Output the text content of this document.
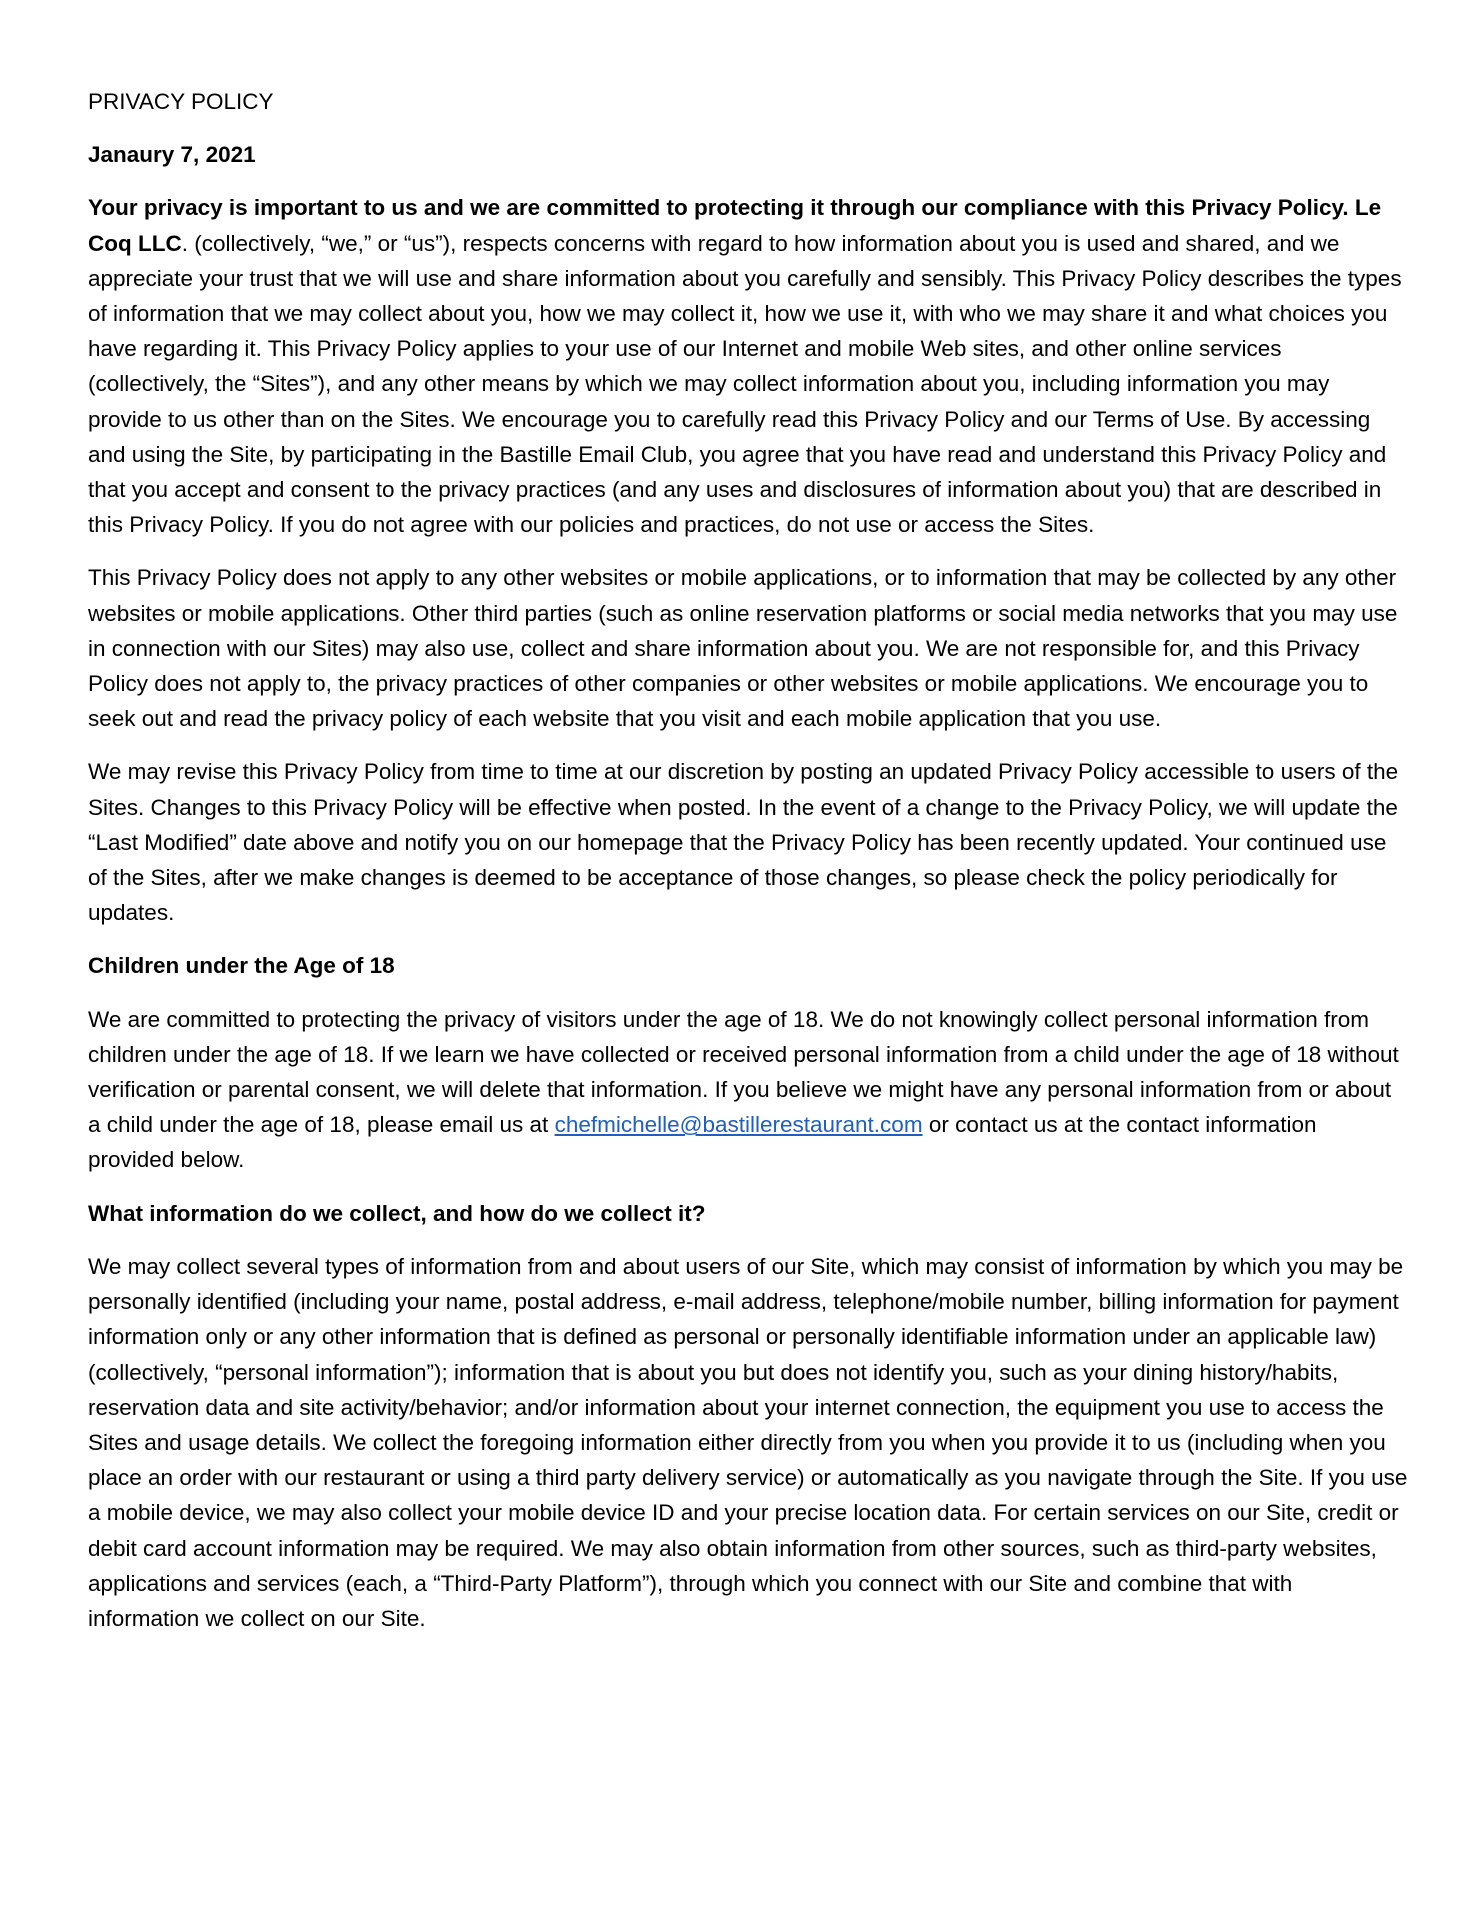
PRIVACY POLICY

Janaury 7, 2021

Your privacy is important to us and we are committed to protecting it through our compliance with this Privacy Policy. Le Coq LLC. (collectively, “we,” or “us”), respects concerns with regard to how information about you is used and shared, and we appreciate your trust that we will use and share information about you carefully and sensibly. This Privacy Policy describes the types of information that we may collect about you, how we may collect it, how we use it, with who we may share it and what choices you have regarding it. This Privacy Policy applies to your use of our Internet and mobile Web sites, and other online services (collectively, the “Sites”), and any other means by which we may collect information about you, including information you may provide to us other than on the Sites. We encourage you to carefully read this Privacy Policy and our Terms of Use. By accessing and using the Site, by participating in the Bastille Email Club, you agree that you have read and understand this Privacy Policy and that you accept and consent to the privacy practices (and any uses and disclosures of information about you) that are described in this Privacy Policy. If you do not agree with our policies and practices, do not use or access the Sites.

This Privacy Policy does not apply to any other websites or mobile applications, or to information that may be collected by any other websites or mobile applications. Other third parties (such as online reservation platforms or social media networks that you may use in connection with our Sites) may also use, collect and share information about you. We are not responsible for, and this Privacy Policy does not apply to, the privacy practices of other companies or other websites or mobile applications. We encourage you to seek out and read the privacy policy of each website that you visit and each mobile application that you use.

We may revise this Privacy Policy from time to time at our discretion by posting an updated Privacy Policy accessible to users of the Sites. Changes to this Privacy Policy will be effective when posted. In the event of a change to the Privacy Policy, we will update the “Last Modified” date above and notify you on our homepage that the Privacy Policy has been recently updated. Your continued use of the Sites, after we make changes is deemed to be acceptance of those changes, so please check the policy periodically for updates.

Children under the Age of 18

We are committed to protecting the privacy of visitors under the age of 18. We do not knowingly collect personal information from children under the age of 18. If we learn we have collected or received personal information from a child under the age of 18 without verification or parental consent, we will delete that information. If you believe we might have any personal information from or about a child under the age of 18, please email us at chefmichelle@bastillerestaurant.com or contact us at the contact information provided below.

What information do we collect, and how do we collect it?

We may collect several types of information from and about users of our Site, which may consist of information by which you may be personally identified (including your name, postal address, e-mail address, telephone/mobile number, billing information for payment information only or any other information that is defined as personal or personally identifiable information under an applicable law) (collectively, “personal information”); information that is about you but does not identify you, such as your dining history/habits, reservation data and site activity/behavior; and/or information about your internet connection, the equipment you use to access the Sites and usage details. We collect the foregoing information either directly from you when you provide it to us (including when you place an order with our restaurant or using a third party delivery service) or automatically as you navigate through the Site. If you use a mobile device, we may also collect your mobile device ID and your precise location data. For certain services on our Site, credit or debit card account information may be required. We may also obtain information from other sources, such as third-party websites, applications and services (each, a “Third-Party Platform”), through which you connect with our Site and combine that with information we collect on our Site.
